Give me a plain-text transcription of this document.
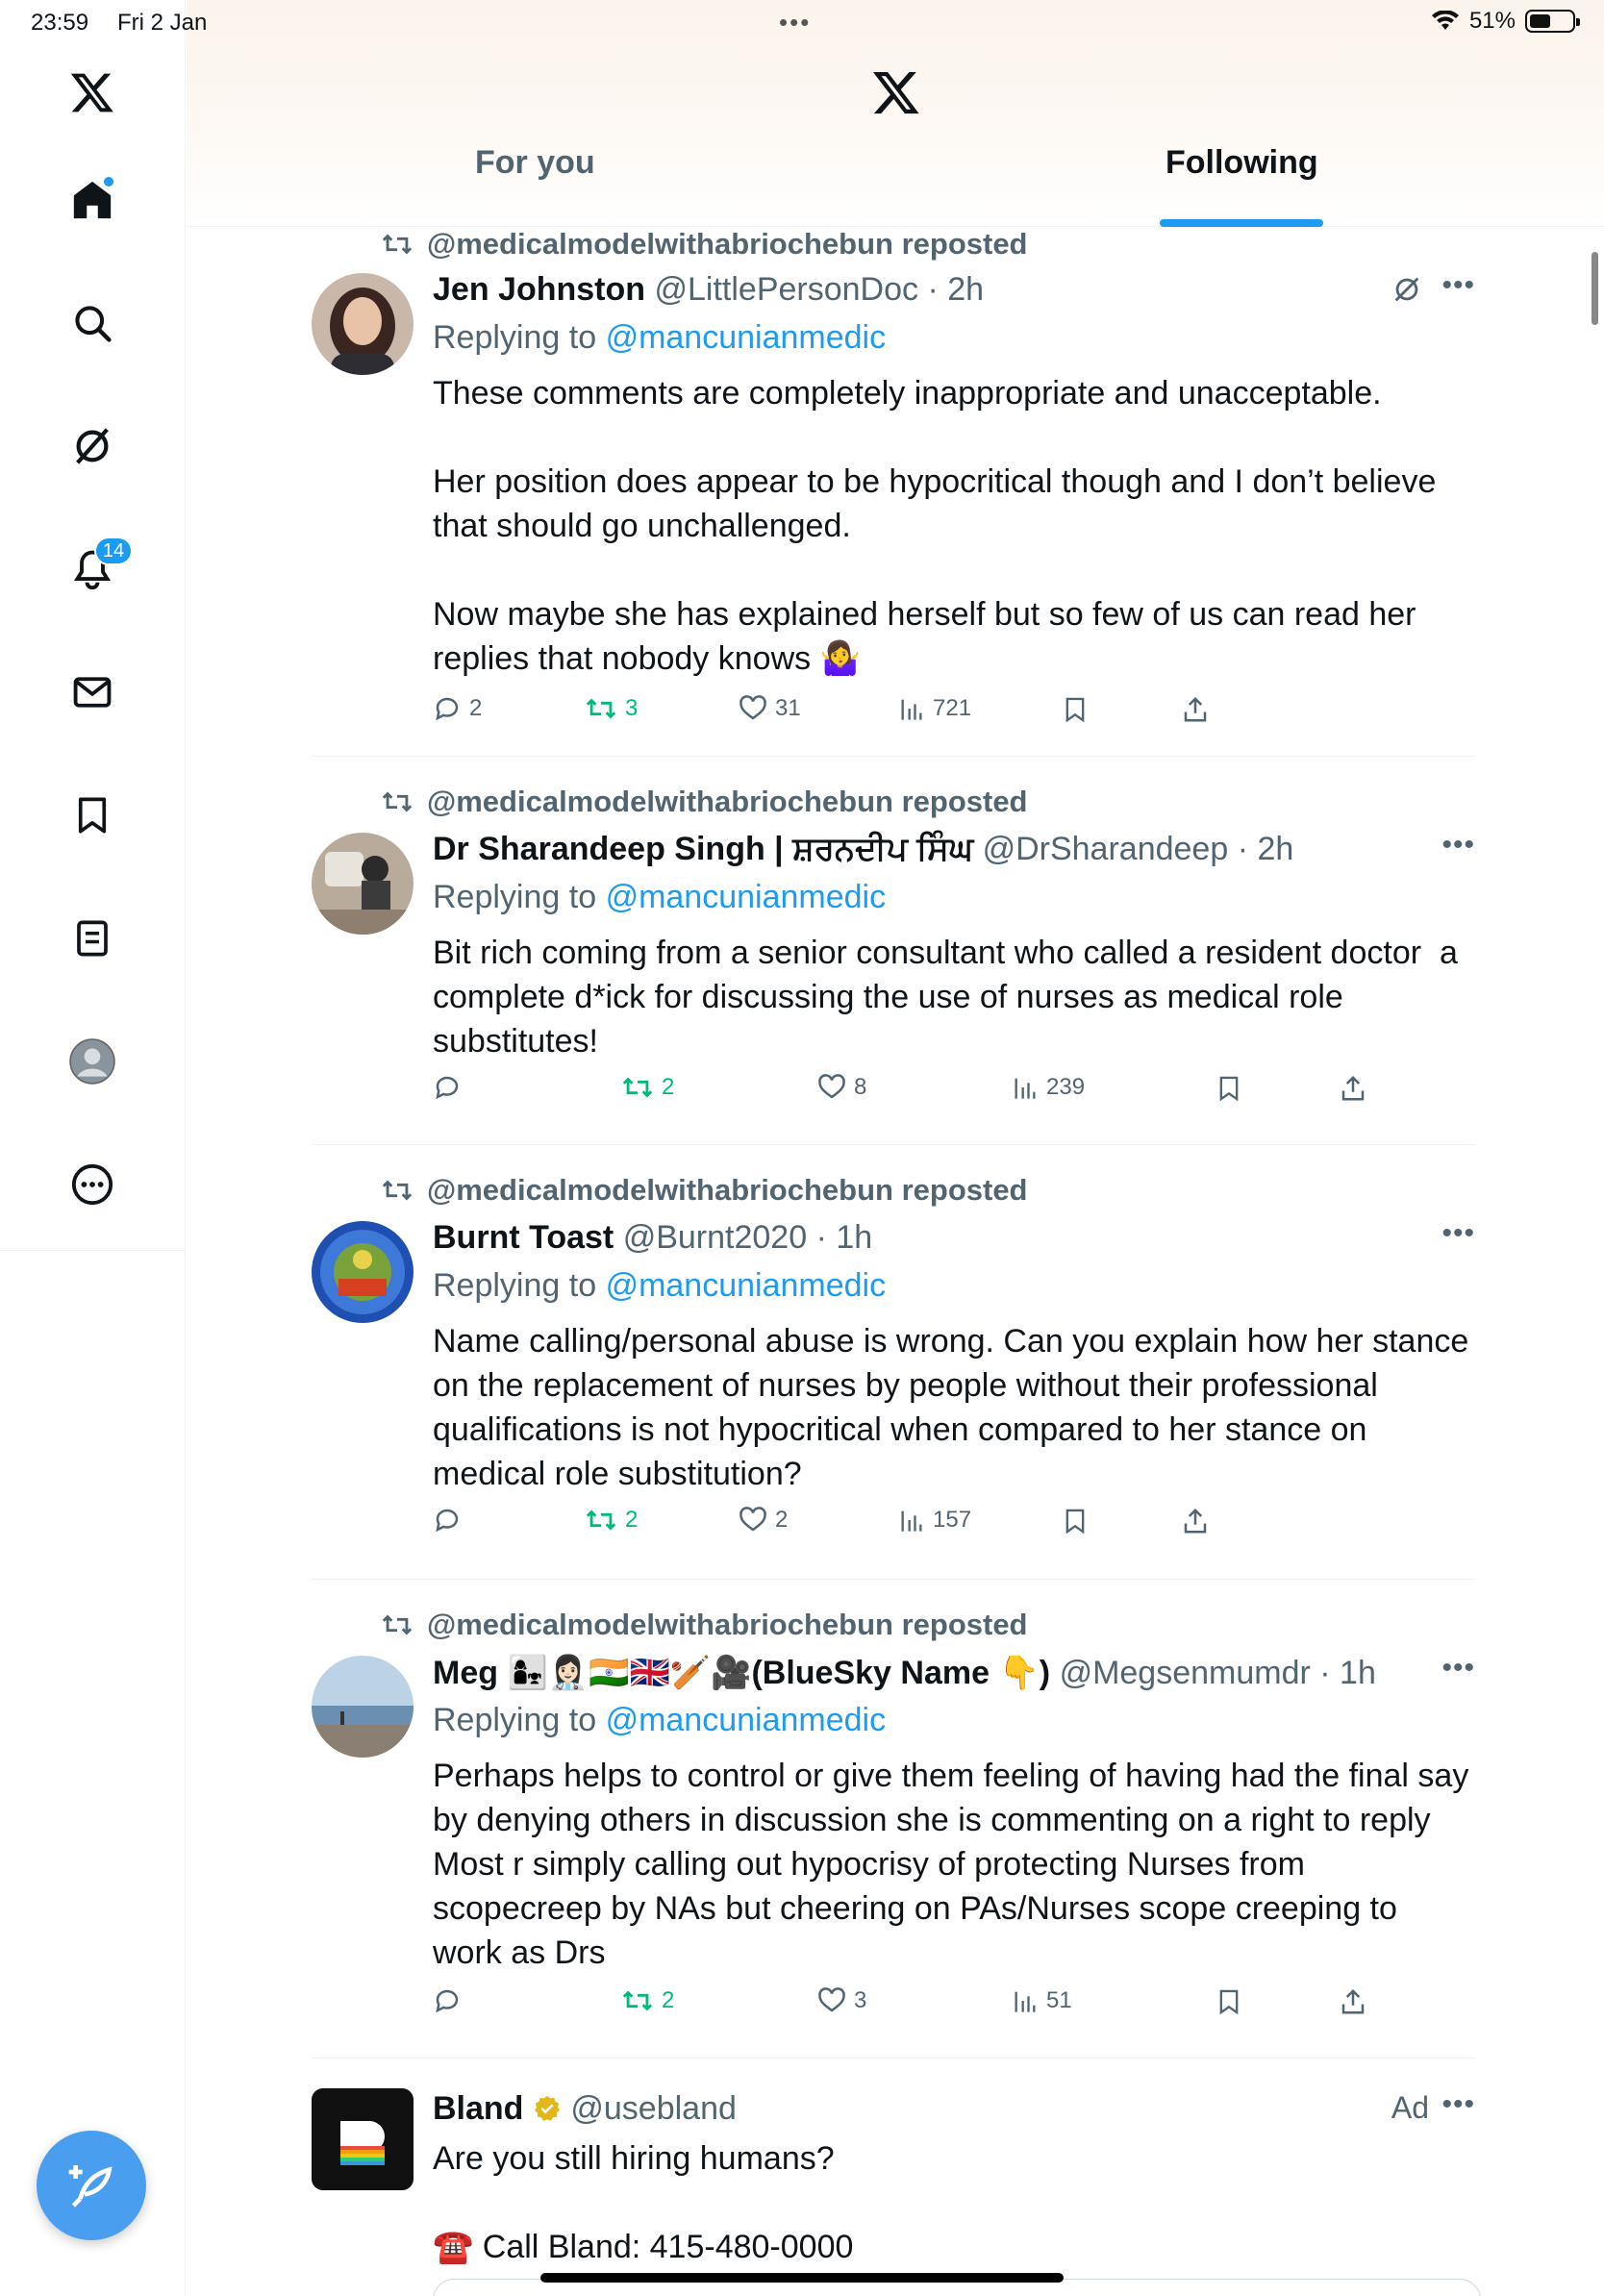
23:59 Fri 2 Jan	•••	51%
14
For you	Following
@medicalmodelwithabriochebun reposted
Jen Johnston @LittlePersonDoc · 2h	•••
Replying to @mancunianmedic

These comments are completely inappropriate and unacceptable.

Her position does appear to be hypocritical though and I don’t believe that should go unchallenged.

Now maybe she has explained herself but so few of us can read her replies that nobody knows 🤷‍♀️

2	3	31	721
@medicalmodelwithabriochebun reposted
Dr Sharandeep Singh | ਸ਼ਰਨਦੀਪ ਸਿੰਘ @DrSharandeep · 2h	•••
Replying to @mancunianmedic

Bit rich coming from a senior consultant who called a resident doctor  a complete d*ick for discussing the use of nurses as medical role substitutes!

2	8	239
@medicalmodelwithabriochebun reposted
Burnt Toast @Burnt2020 · 1h	•••
Replying to @mancunianmedic

Name calling/personal abuse is wrong. Can you explain how her stance on the replacement of nurses by people without their professional qualifications is not hypocritical when compared to her stance on medical role substitution?

2	2	157
@medicalmodelwithabriochebun reposted
Meg 👩‍👧👩🏻‍⚕️🇮🇳🇬🇧🏏🎥(BlueSky Name 👇) @Megsenmumdr · 1h •••
Replying to @mancunianmedic

Perhaps helps to control or give them feeling of having had the final say by denying others in discussion she is commenting on a right to reply Most r simply calling out hypocrisy of protecting Nurses from scopecreep by NAs but cheering on PAs/Nurses scope creeping to work as Drs

2	3	51
Bland @usebland	Ad •••

Are you still hiring humans?

☎️ Call Bland: 415-480-0000
